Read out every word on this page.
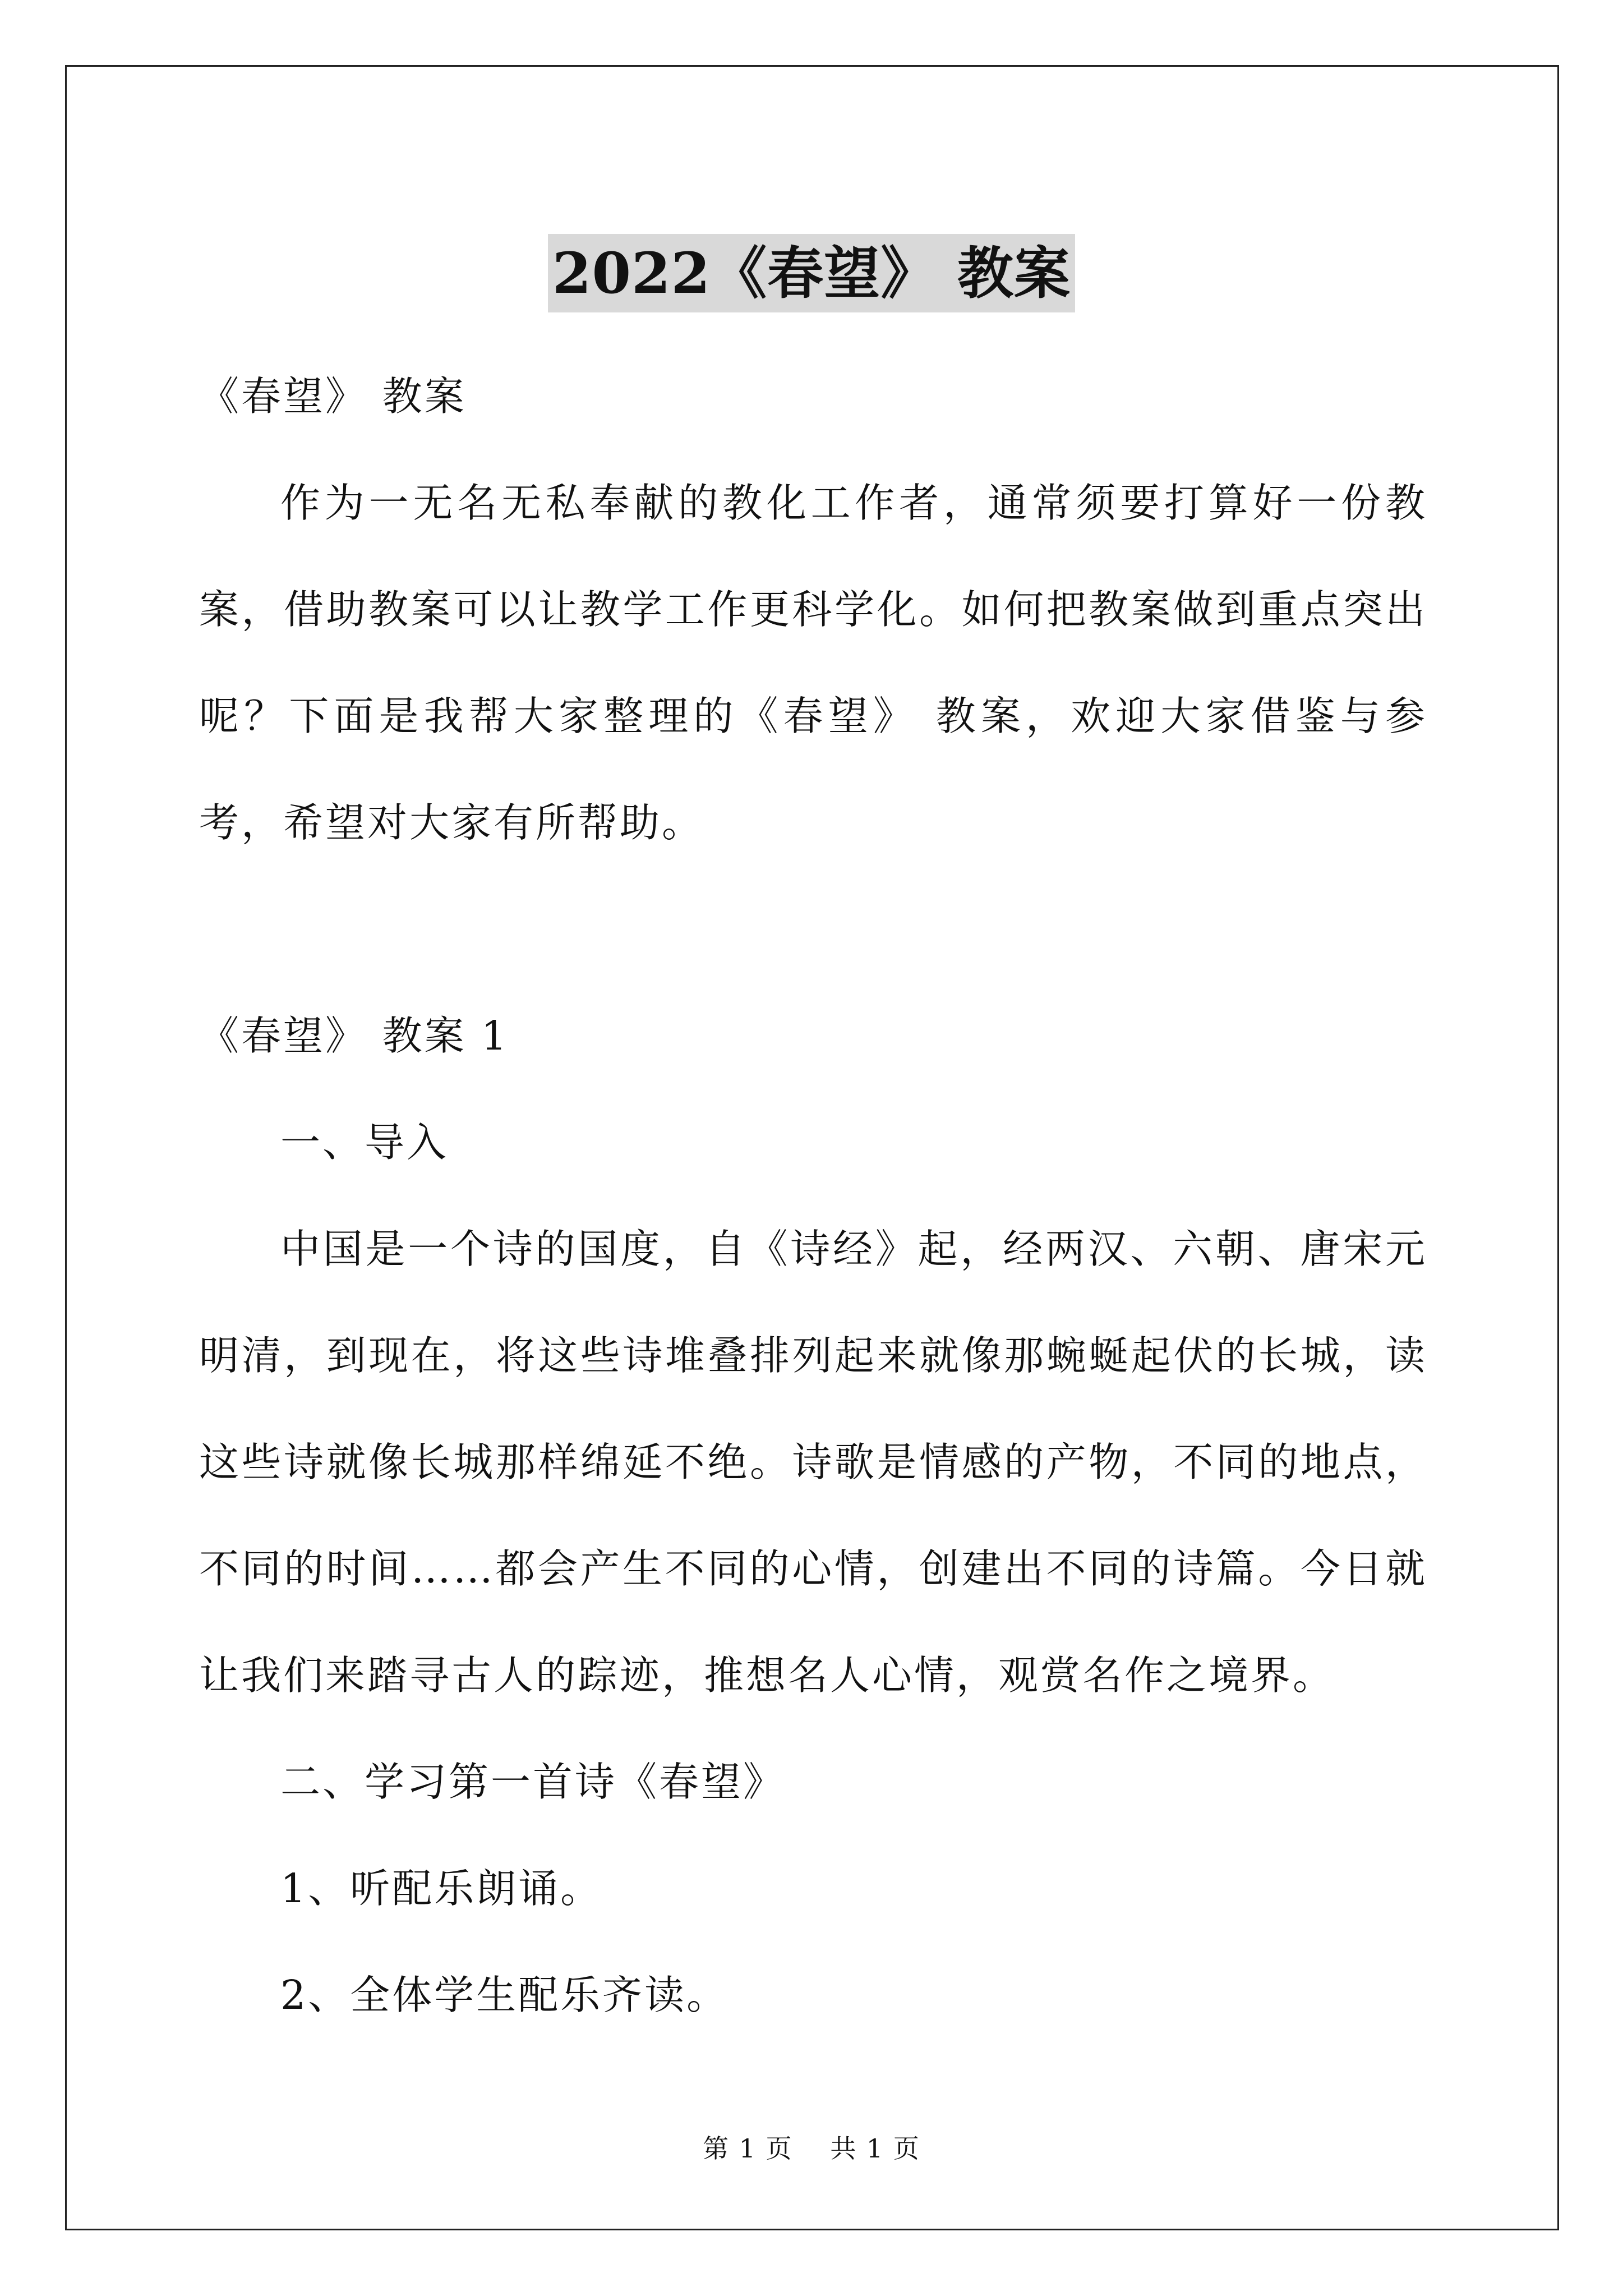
2022《春望》 教案

《春望》 教案

作为一无名无私奉献的教化工作者，通常须要打算好一份教案，借助教案可以让教学工作更科学化。如何把教案做到重点突出呢？下面是我帮大家整理的《春望》 教案，欢迎大家借鉴与参考，希望对大家有所帮助。

《春望》 教案 1

一、导入

中国是一个诗的国度，自《诗经》起，经两汉、六朝、唐宋元明清，到现在，将这些诗堆叠排列起来就像那蜿蜒起伏的长城，读这些诗就像长城那样绵延不绝。诗歌是情感的产物，不同的地点，不同的时间……都会产生不同的心情，创建出不同的诗篇。今日就让我们来踏寻古人的踪迹，推想名人心情，观赏名作之境界。

二、学习第一首诗《春望》

1、听配乐朗诵。

2、全体学生配乐齐读。

第 1 页 共 1 页
